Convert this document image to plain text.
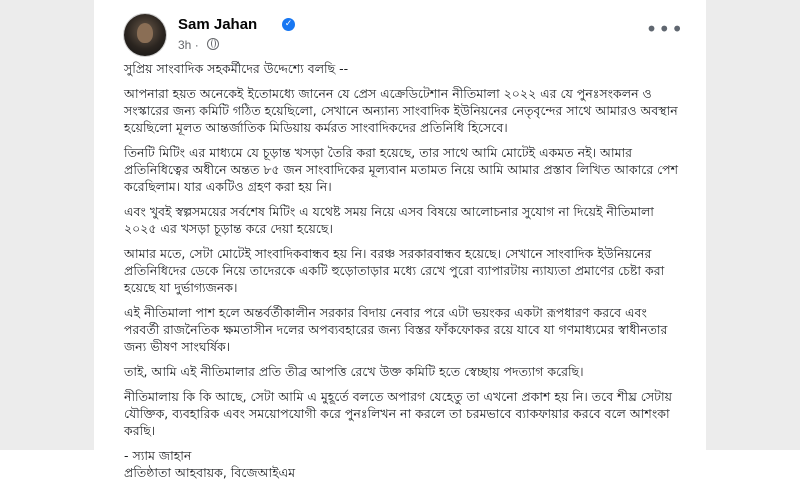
Sam Jahan	✓
3h ·
•••

সুপ্রিয় সাংবাদিক সহকর্মীদের উদ্দেশ্যে বলছি --

আপনারা হয়ত অনেকেই ইতোমধ্যে জানেন যে প্রেস এক্রেডিটেশান নীতিমালা ২০২২ এর যে পুনঃসংকলন ও সংস্কারের জন্য কমিটি গঠিত হয়েছিলো, সেখানে অন্যান্য সাংবাদিক ইউনিয়নের নেতৃবৃন্দের সাথে আমারও অবস্থান হয়েছিলো মূলত আন্তর্জাতিক মিডিয়ায় কর্মরত সাংবাদিকদের প্রতিনিধি হিসেবে।

তিনটি মিটিং এর মাধ্যমে যে চূড়ান্ত খসড়া তৈরি করা হয়েছে, তার সাথে আমি মোটেই একমত নই। আমার প্রতিনিধিত্বের অধীনে অন্তত ৮৫ জন সাংবাদিকের মূল্যবান মতামত নিয়ে আমি আমার প্রস্তাব লিখিত আকারে পেশ করেছিলাম। যার একটিও গ্রহণ করা হয় নি।

এবং খুবই স্বল্পসময়ের সর্বশেষ মিটিং এ যথেষ্ট সময় নিয়ে এসব বিষয়ে আলোচনার সুযোগ না দিয়েই নীতিমালা ২০২৫ এর খসড়া চূড়ান্ত করে দেয়া হয়েছে।

আমার মতে, সেটা মোটেই সাংবাদিকবান্ধব হয় নি। বরঞ্চ সরকারবান্ধব হয়েছে। সেখানে সাংবাদিক ইউনিয়নের প্রতিনিধিদের ডেকে নিয়ে তাদেরকে একটি হুড়োতাড়ার মধ্যে রেখে পুরো ব্যাপারটায় ন্যায্যতা প্রমাণের চেষ্টা করা হয়েছে যা দুর্ভাগ্যজনক।

এই নীতিমালা পাশ হলে অন্তর্বর্তীকালীন সরকার বিদায় নেবার পরে এটা ভয়ংকর একটা রূপধারণ করবে এবং পরবর্তী রাজনৈতিক ক্ষমতাসীন দলের অপব্যবহারের জন্য বিস্তর ফাঁকফোকর রয়ে যাবে যা গণমাধ্যমের স্বাধীনতার জন্য ভীষণ সাংঘর্ষিক।

তাই, আমি এই নীতিমালার প্রতি তীব্র আপত্তি রেখে উক্ত কমিটি হতে স্বেচ্ছায় পদত্যাগ করেছি।

নীতিমালায় কি কি আছে, সেটা আমি এ মুহূর্তে বলতে অপারগ যেহেতু তা এখনো প্রকাশ হয় নি। তবে শীঘ্র সেটায় যৌক্তিক, ব্যবহারিক এবং সময়োপযোগী করে পুনঃলিখন না করলে তা চরমভাবে ব্যাকফায়ার করবে বলে আশংকা করছি।

- স্যাম জাহান

প্রতিষ্ঠাতা আহবায়ক, বিজেআইএম
